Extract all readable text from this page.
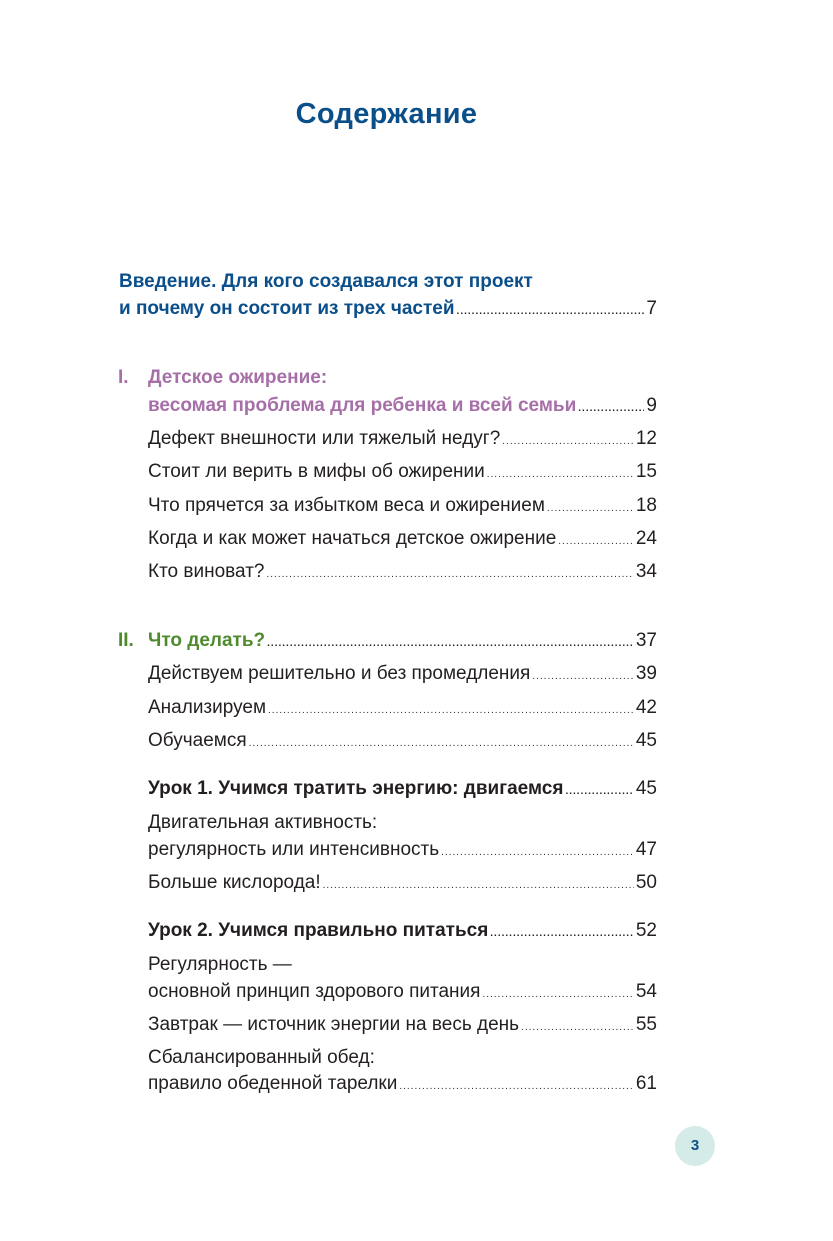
Содержание
Введение. Для кого создавался этот проект
и почему он состоит из трех частей .....	7
I. Детское ожирение:
весомая проблема для ребенка и всей семьи .....	9
Дефект внешности или тяжелый недуг? .....	12
Стоит ли верить в мифы об ожирении .....	15
Что прячется за избытком веса и ожирением .....	18
Когда и как может начаться детское ожирение .....	24
Кто виноват? .....	34
II. Что делать? .....	37
Действуем решительно и без промедления .....	39
Анализируем .....	42
Обучаемся .....	45
Урок 1. Учимся тратить энергию: двигаемся .....	45
Двигательная активность:
регулярность или интенсивность .....	47
Больше кислорода! .....	50
Урок 2. Учимся правильно питаться .....	52
Регулярность —
основной принцип здорового питания .....	54
Завтрак — источник энергии на весь день .....	55
Сбалансированный обед:
правило обеденной тарелки .....	61
3
